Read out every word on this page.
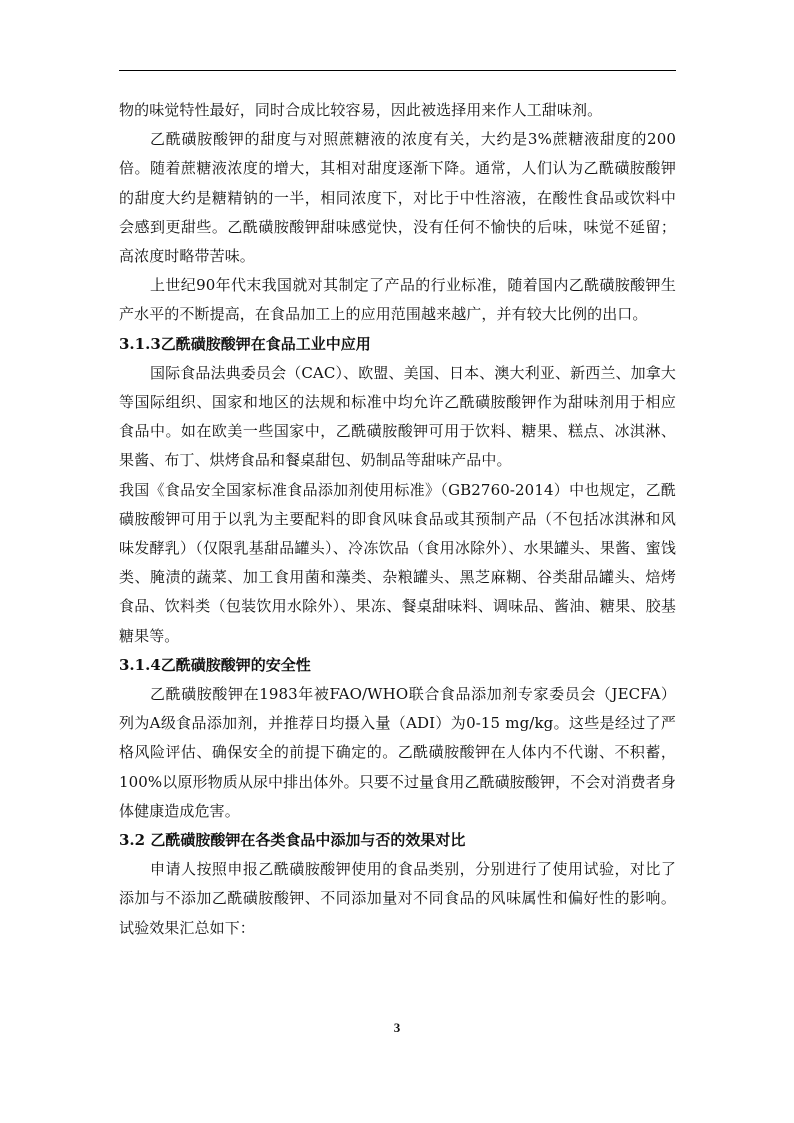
物的味觉特性最好，同时合成比较容易，因此被选择用来作人工甜味剂。

乙酰磺胺酸钾的甜度与对照蔗糖液的浓度有关，大约是3%蔗糖液甜度的200倍。随着蔗糖液浓度的增大，其相对甜度逐渐下降。通常，人们认为乙酰磺胺酸钾的甜度大约是糖精钠的一半，相同浓度下，对比于中性溶液，在酸性食品或饮料中会感到更甜些。乙酰磺胺酸钾甜味感觉快，没有任何不愉快的后味，味觉不延留；高浓度时略带苦味。

上世纪90年代末我国就对其制定了产品的行业标准，随着国内乙酰磺胺酸钾生产水平的不断提高，在食品加工上的应用范围越来越广，并有较大比例的出口。

3.1.3乙酰磺胺酸钾在食品工业中应用

国际食品法典委员会（CAC）、欧盟、美国、日本、澳大利亚、新西兰、加拿大等国际组织、国家和地区的法规和标准中均允许乙酰磺胺酸钾作为甜味剂用于相应食品中。如在欧美一些国家中，乙酰磺胺酸钾可用于饮料、糖果、糕点、冰淇淋、果酱、布丁、烘烤食品和餐桌甜包、奶制品等甜味产品中。

我国《食品安全国家标准食品添加剂使用标准》（GB2760-2014）中也规定，乙酰磺胺酸钾可用于以乳为主要配料的即食风味食品或其预制产品（不包括冰淇淋和风味发酵乳）（仅限乳基甜品罐头）、冷冻饮品（食用冰除外）、水果罐头、果酱、蜜饯类、腌渍的蔬菜、加工食用菌和藻类、杂粮罐头、黑芝麻糊、谷类甜品罐头、焙烤食品、饮料类（包装饮用水除外）、果冻、餐桌甜味料、调味品、酱油、糖果、胶基糖果等。

3.1.4乙酰磺胺酸钾的安全性

乙酰磺胺酸钾在1983年被FAO/WHO联合食品添加剂专家委员会（JECFA）列为A级食品添加剂，并推荐日均摄入量（ADI）为0-15 mg/kg。这些是经过了严格风险评估、确保安全的前提下确定的。乙酰磺胺酸钾在人体内不代谢、不积蓄，100%以原形物质从尿中排出体外。只要不过量食用乙酰磺胺酸钾，不会对消费者身体健康造成危害。

3.2 乙酰磺胺酸钾在各类食品中添加与否的效果对比

申请人按照申报乙酰磺胺酸钾使用的食品类别，分别进行了使用试验，对比了添加与不添加乙酰磺胺酸钾、不同添加量对不同食品的风味属性和偏好性的影响。试验效果汇总如下：

3
